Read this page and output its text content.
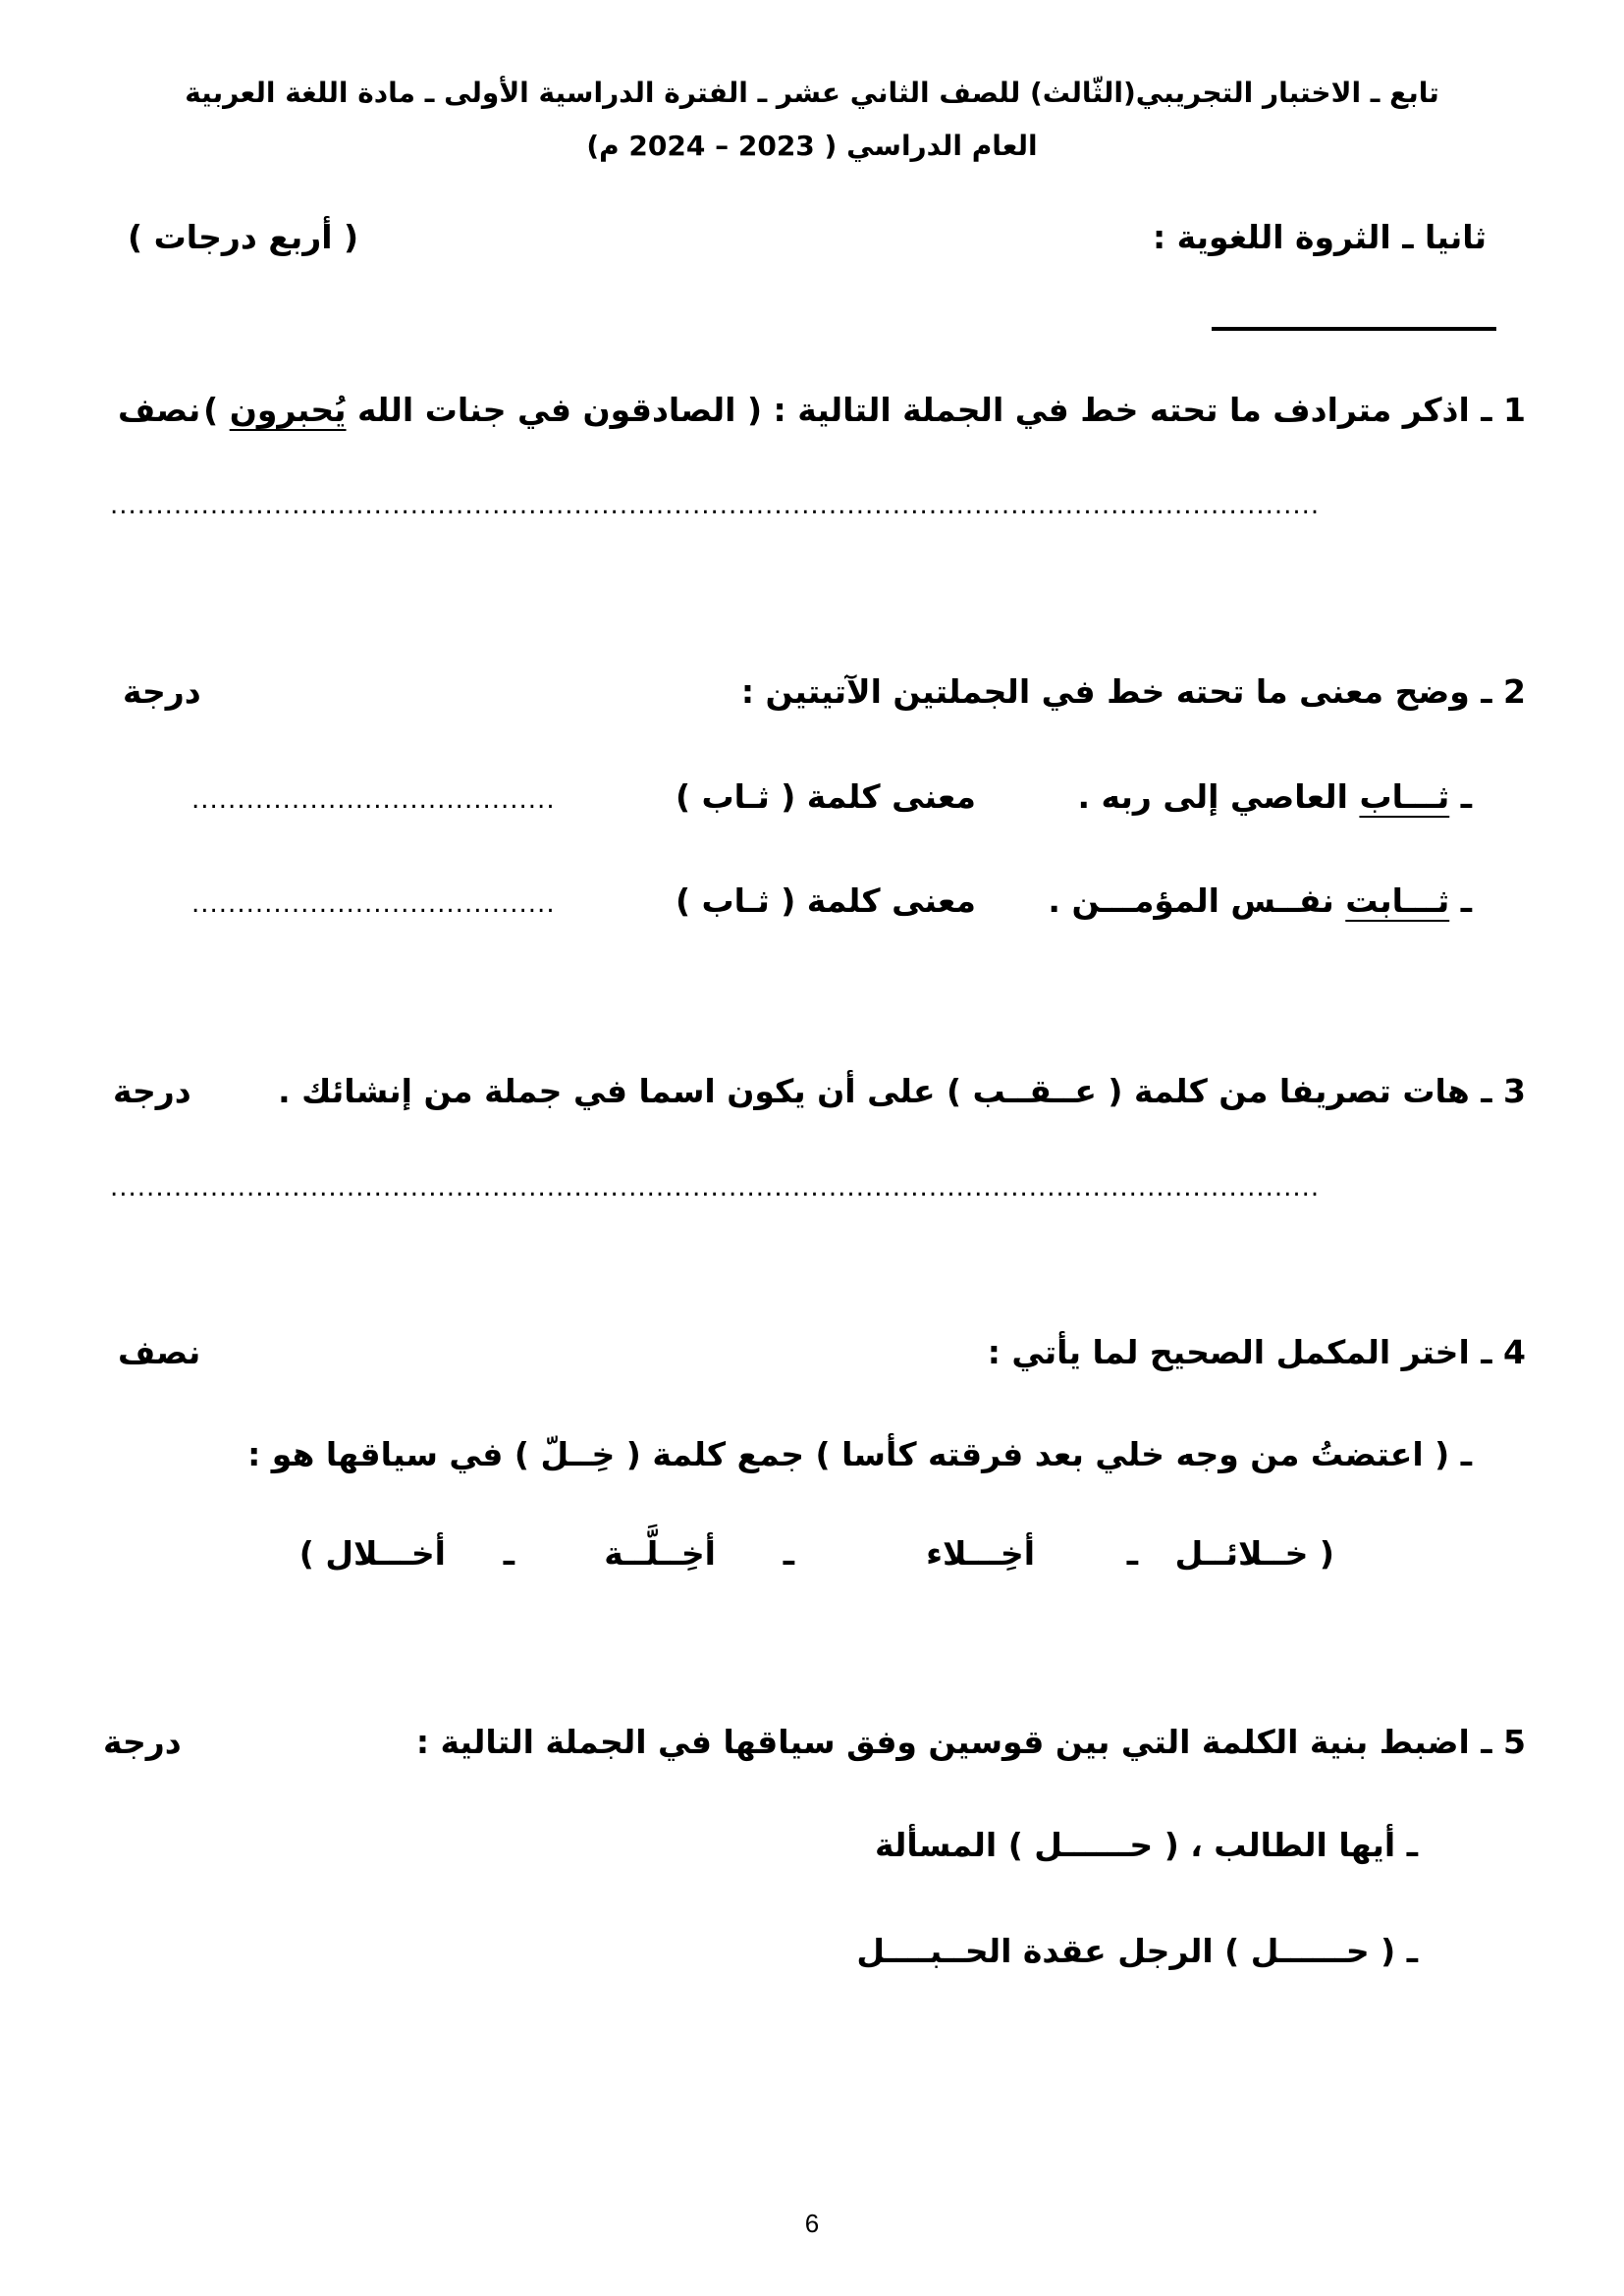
تابع ـ الاختبار التجريبي(الثّالث) للصف الثاني عشر ـ الفترة الدراسية الأولى ـ مادة اللغة العربية
العام الدراسي ( 2023 – 2024 م)
ثانيا ـ الثروة اللغوية :
( أربع درجات )
1 ـ اذكر مترادف ما تحته خط في الجملة التالية : ( الصادقون في جنات الله يُحبرون )
نصف
.....................................................................................................................................
2 ـ وضح معنى ما تحته خط في الجملتين الآتيتين :
درجة
ـ ثـــاب العاصي إلى ربه .
معنى كلمة ( ثـاب )
........................................
ـ ثـــابت نفــس المؤمـــن .
معنى كلمة ( ثـاب )
........................................
3 ـ هات تصريفا من كلمة ( عــقــب ) على أن يكون اسما في جملة من إنشائك .
درجة
.....................................................................................................................................
4 ـ اختر المكمل الصحيح لما يأتي :
نصف
ـ ( اعتضت من وجه خلي بعد فرقته كأسا ) جمع كلمة ( خــلّ ) في سياقها هو :
( خــلائــل
ـ
أخِـــلاء
ـ
أخِــلَّــة
ـ
أخـــلال )
5 ـ اضبط بنية الكلمة التي بين قوسين وفق سياقها في الجملة التالية :
درجة
ـ أيها الطالب ، ( حــــــل ) المسألة
ـ ( حــــــل ) الرجل عقدة الحــبــــل
6
